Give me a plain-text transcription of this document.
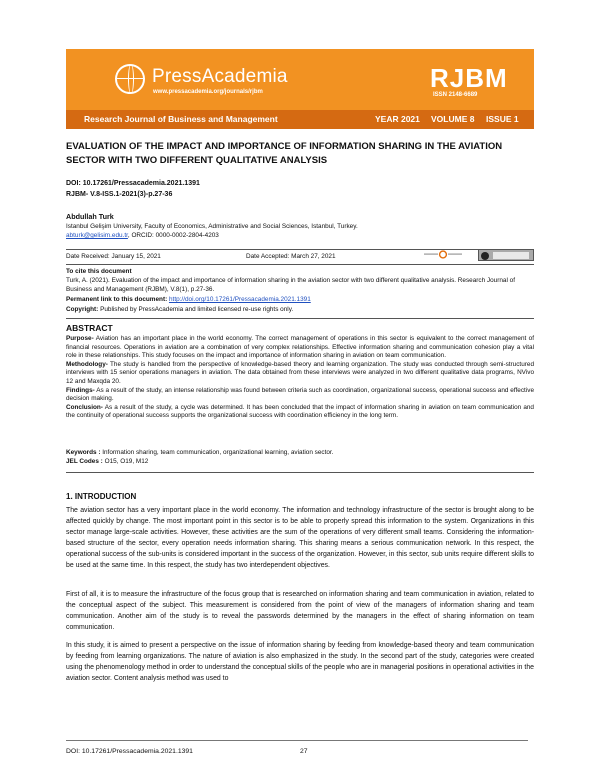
PressAcademia
www.pressacademia.org/journals/rjbm	RJBM
ISSN 2148-6689
Research Journal of Business and Management	YEAR 2021 VOLUME 8 ISSUE 1
EVALUATION OF THE IMPACT AND IMPORTANCE OF INFORMATION SHARING IN THE AVIATION SECTOR WITH TWO DIFFERENT QUALITATIVE ANALYSIS
DOI: 10.17261/Pressacademia.2021.1391
RJBM- V.8-ISS.1-2021(3)-p.27-36
Abdullah Turk
Istanbul Gelişim University, Faculty of Economics, Administrative and Social Sciences, Istanbul, Turkey.
abturk@gelisim.edu.tr, ORCID: 0000-0002-2804-4203
Date Received: January 15, 2021	Date Accepted: March 27, 2021
To cite this document
Turk, A. (2021). Evaluation of the impact and importance of information sharing in the aviation sector with two different qualitative analysis. Research Journal of Business and Management (RJBM), V.8(1), p.27-36.
Permanent link to this document: http://doi.org/10.17261/Pressacademia.2021.1391
Copyright: Published by PressAcademia and limited licensed re-use rights only.
ABSTRACT

Purpose- Aviation has an important place in the world economy. The correct management of operations in this sector is equivalent to the correct management of financial resources. Operations in aviation are a combination of very complex relationships. Effective information sharing and communication cohesion play a vital role in these relationships. This study focuses on the impact and importance of information sharing in aviation on team communication.

Methodology- The study is handled from the perspective of knowledge-based theory and learning organization. The study was conducted through semi-structured interviews with 15 senior operations managers in aviation. The data obtained from these interviews were analyzed in two different qualitative data programs, NVivo 12 and Maxqda 20.

Findings- As a result of the study, an intense relationship was found between criteria such as coordination, organizational success, operational success and effective decision making.

Conclusion- As a result of the study, a cycle was determined. It has been concluded that the impact of information sharing in aviation on team communication and the continuity of operational success supports the organizational success with coordination efficiency in the long term.

Keywords : Information sharing, team communication, organizational learning, aviation sector.
JEL Codes : O15, O19, M12
1. INTRODUCTION
The aviation sector has a very important place in the world economy. The information and technology infrastructure of the sector is brought along to be affected quickly by change. The most important point in this sector is to be able to properly spread this information to the system. Organizations in this sector manage large-scale activities. However, these activities are the sum of the operations of very different small teams. Considering the information-based structure of the sector, every operation needs information sharing. This sharing means a serious communication network. In this respect, the operational success of the sub-units is considered important in the success of the organization. However, in this sector, sub units require different skills to be used at the same time. In this respect, the study has two interdependent objectives.
First of all, it is to measure the infrastructure of the focus group that is researched on information sharing and team communication in aviation, related to the conceptual aspect of the subject. This measurement is considered from the point of view of the managers of information sharing and team communication. Another aim of the study is to reveal the passwords determined by the managers in the effect of sharing information on team communication.
In this study, it is aimed to present a perspective on the issue of information sharing by feeding from knowledge-based theory and team communication by feeding from learning organizations. The nature of aviation is also emphasized in the study. In the second part of the study, categories were created using the phenomenology method in order to understand the conceptual skills of the people who are in managerial positions in operational activities in the aviation sector. Content analysis method was used to
DOI: 10.17261/Pressacademia.2021.1391	27
